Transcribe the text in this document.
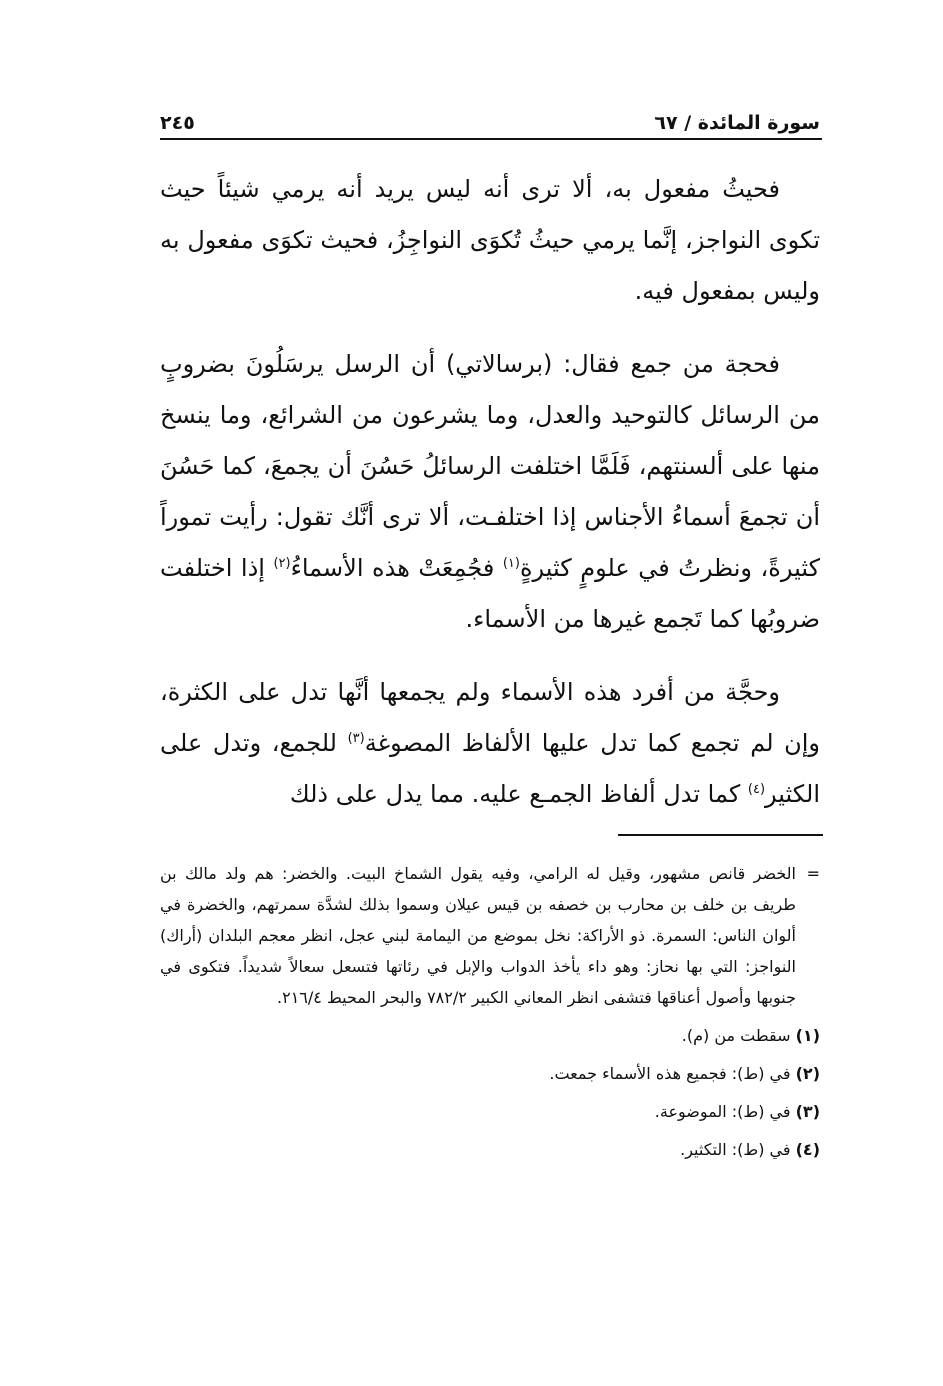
سورة المائدة / ٦٧
٢٤٥

فحيثُ مفعول به، ألا ترى أنه ليس يريد أنه يرمي شيئاً حيث تكوى النواجز، إنَّما يرمي حيثُ تُكوَى النواجِزُ، فحيث تكوَى مفعول به وليس بمفعول فيه.

فحجة من جمع فقال: (برسالاتي) أن الرسل يرسَلُونَ بضروبٍ من الرسائل كالتوحيد والعدل، وما يشرعون من الشرائع، وما ينسخ منها على ألسنتهم، فَلَمَّا اختلفت الرسائلُ حَسُنَ أن يجمعَ، كما حَسُنَ أن تجمعَ أسماءُ الأجناس إذا اختلفـت، ألا ترى أنَّك تقول: رأيت تموراً كثيرةً، ونظرتُ في علومٍ كثيرةٍ$^{(١)}$ فجُمِعَتْ هذه الأسماءُ$^{(٢)}$ إذا اختلفت ضروبُها كما تَجمع غيرها من الأسماء.

وحجَّة من أفرد هذه الأسماء ولم يجمعها أنَّها تدل على الكثرة، وإن لم تجمع كما تدل عليها الألفاظ المصوغة$^{(٣)}$ للجمع، وتدل على الكثير$^{(٤)}$ كما تدل ألفاظ الجمـع عليه. مما يدل على ذلك

=
الخضر قانص مشهور، وقيل له الرامي، وفيه يقول الشماخ البيت. والخضر: هم ولد مالك بن طريف بن خلف بن محارب بن خصفه بن قيس عيلان وسموا بذلك لشدَّة سمرتهم، والخضرة في ألوان الناس: السمرة. ذو الأراكة: نخل بموضع من اليمامة لبني عجل، انظر معجم البلدان (أراك) النواجز: التي بها نحاز: وهو داء يأخذ الدواب والإبل في رئاتها فتسعل سعالاً شديداً. فتكوى في جنوبها وأصول أعناقها فتشفى انظر المعاني الكبير ٧٨٢/٢ والبحر المحيط ٢١٦/٤.
(١) سقطت من (م).
(٢) في (ط): فجميع هذه الأسماء جمعت.
(٣) في (ط): الموضوعة.
(٤) في (ط): التكثير.
